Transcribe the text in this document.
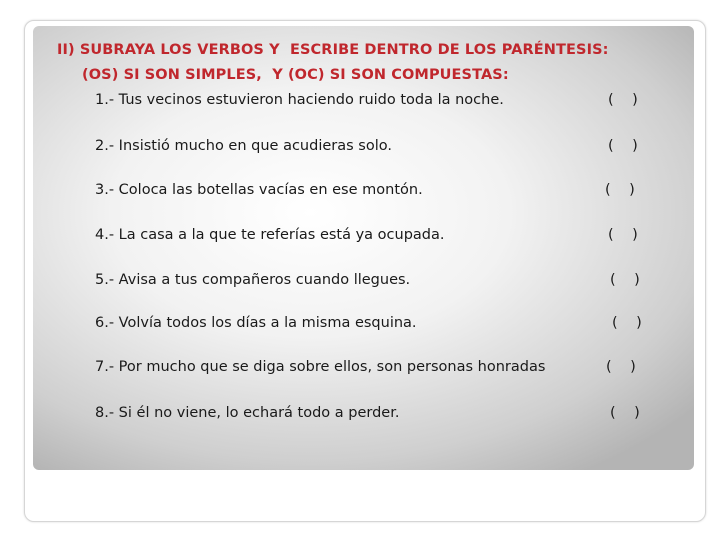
II) SUBRAYA LOS VERBOS Y  ESCRIBE DENTRO DE LOS PARÉNTESIS:
(OS) SI SON SIMPLES,  Y (OC) SI SON COMPUESTAS:
1.- Tus vecinos estuvieron haciendo ruido toda la noche.	(    )
2.- Insistió mucho en que acudieras solo.	(    )
3.- Coloca las botellas vacías en ese montón.	(    )
4.- La casa a la que te referías está ya ocupada.	(    )
5.- Avisa a tus compañeros cuando llegues.	(    )
6.- Volvía todos los días a la misma esquina.	(    )
7.- Por mucho que se diga sobre ellos, son personas honradas	(    )
8.- Si él no viene, lo echará todo a perder.	(    )
